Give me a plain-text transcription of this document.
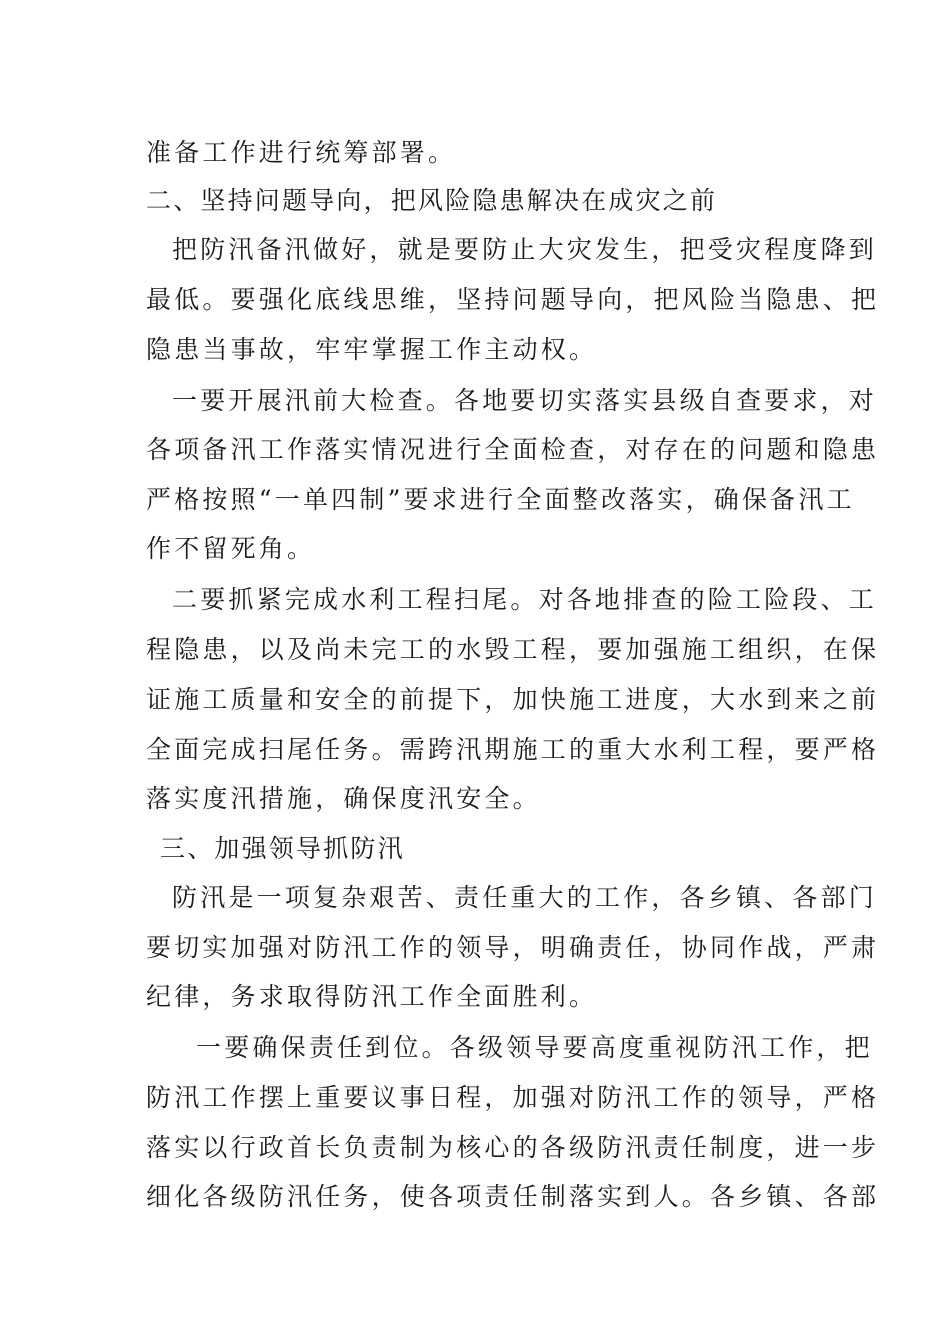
准备工作进行统筹部署。
二、坚持问题导向，把风险隐患解决在成灾之前
把防汛备汛做好，就是要防止大灾发生，把受灾程度降到
最低。要强化底线思维，坚持问题导向，把风险当隐患、把
隐患当事故，牢牢掌握工作主动权。
一要开展汛前大检查。各地要切实落实县级自查要求，对
各项备汛工作落实情况进行全面检查，对存在的问题和隐患
严格按照“一单四制”要求进行全面整改落实，确保备汛工
作不留死角。
二要抓紧完成水利工程扫尾。对各地排查的险工险段、工
程隐患，以及尚未完工的水毁工程，要加强施工组织，在保
证施工质量和安全的前提下，加快施工进度，大水到来之前
全面完成扫尾任务。需跨汛期施工的重大水利工程，要严格
落实度汛措施，确保度汛安全。
三、加强领导抓防汛
防汛是一项复杂艰苦、责任重大的工作，各乡镇、各部门
要切实加强对防汛工作的领导，明确责任，协同作战，严肃
纪律，务求取得防汛工作全面胜利。
一要确保责任到位。各级领导要高度重视防汛工作，把
防汛工作摆上重要议事日程，加强对防汛工作的领导，严格
落实以行政首长负责制为核心的各级防汛责任制度，进一步
细化各级防汛任务，使各项责任制落实到人。各乡镇、各部
